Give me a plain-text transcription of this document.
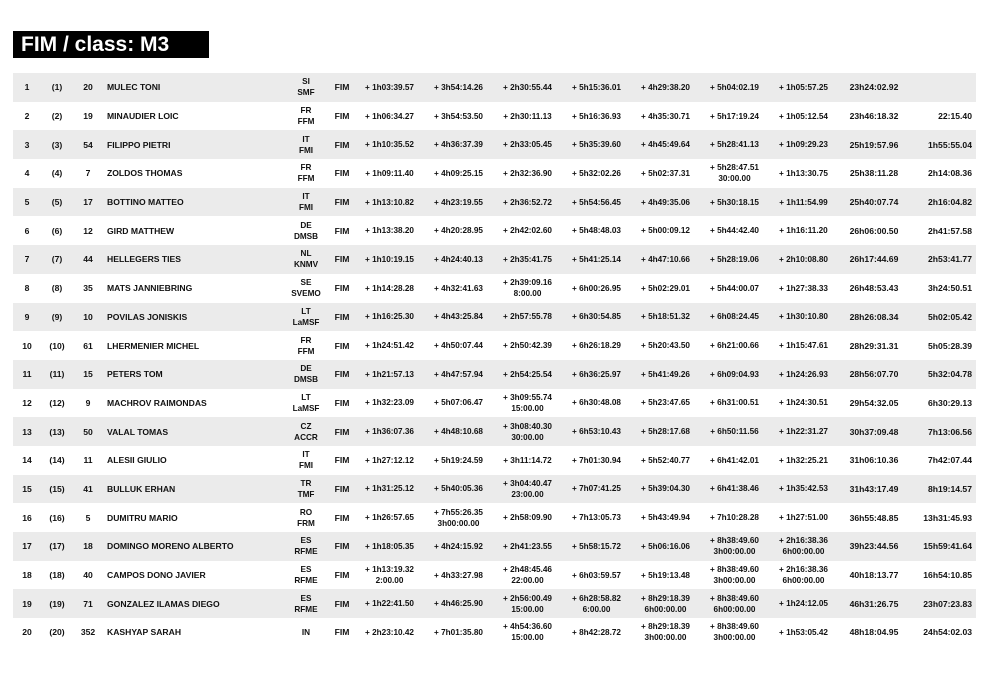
FIM / class: M3
1	(1)	20	MULEC TONI	SI
SMF	FIM	+ 1h03:39.57	+ 3h54:14.26	+ 2h30:55.44	+ 5h15:36.01	+ 4h29:38.20	+ 5h04:02.19	+ 1h05:57.25	23h24:02.92	
2	(2)	19	MINAUDIER LOIC	FR
FFM	FIM	+ 1h06:34.27	+ 3h54:53.50	+ 2h30:11.13	+ 5h16:36.93	+ 4h35:30.71	+ 5h17:19.24	+ 1h05:12.54	23h46:18.32	22:15.40
3	(3)	54	FILIPPO PIETRI	IT
FMI	FIM	+ 1h10:35.52	+ 4h36:37.39	+ 2h33:05.45	+ 5h35:39.60	+ 4h45:49.64	+ 5h28:41.13	+ 1h09:29.23	25h19:57.96	1h55:55.04
4	(4)	7	ZOLDOS THOMAS	FR
FFM	FIM	+ 1h09:11.40	+ 4h09:25.15	+ 2h32:36.90	+ 5h32:02.26	+ 5h02:37.31	+ 5h28:47.51
30:00.00	+ 1h13:30.75	25h38:11.28	2h14:08.36
5	(5)	17	BOTTINO MATTEO	IT
FMI	FIM	+ 1h13:10.82	+ 4h23:19.55	+ 2h36:52.72	+ 5h54:56.45	+ 4h49:35.06	+ 5h30:18.15	+ 1h11:54.99	25h40:07.74	2h16:04.82
6	(6)	12	GIRD MATTHEW	DE
DMSB	FIM	+ 1h13:38.20	+ 4h20:28.95	+ 2h42:02.60	+ 5h48:48.03	+ 5h00:09.12	+ 5h44:42.40	+ 1h16:11.20	26h06:00.50	2h41:57.58
7	(7)	44	HELLEGERS TIES	NL
KNMV	FIM	+ 1h10:19.15	+ 4h24:40.13	+ 2h35:41.75	+ 5h41:25.14	+ 4h47:10.66	+ 5h28:19.06	+ 2h10:08.80	26h17:44.69	2h53:41.77
8	(8)	35	MATS JANNIEBRING	SE
SVEMO	FIM	+ 1h14:28.28	+ 4h32:41.63	+ 2h39:09.16
8:00.00	+ 6h00:26.95	+ 5h02:29.01	+ 5h44:00.07	+ 1h27:38.33	26h48:53.43	3h24:50.51
9	(9)	10	POVILAS JONISKIS	LT
LaMSF	FIM	+ 1h16:25.30	+ 4h43:25.84	+ 2h57:55.78	+ 6h30:54.85	+ 5h18:51.32	+ 6h08:24.45	+ 1h30:10.80	28h26:08.34	5h02:05.42
10	(10)	61	LHERMENIER MICHEL	FR
FFM	FIM	+ 1h24:51.42	+ 4h50:07.44	+ 2h50:42.39	+ 6h26:18.29	+ 5h20:43.50	+ 6h21:00.66	+ 1h15:47.61	28h29:31.31	5h05:28.39
11	(11)	15	PETERS TOM	DE
DMSB	FIM	+ 1h21:57.13	+ 4h47:57.94	+ 2h54:25.54	+ 6h36:25.97	+ 5h41:49.26	+ 6h09:04.93	+ 1h24:26.93	28h56:07.70	5h32:04.78
12	(12)	9	MACHROV RAIMONDAS	LT
LaMSF	FIM	+ 1h32:23.09	+ 5h07:06.47	+ 3h09:55.74
15:00.00	+ 6h30:48.08	+ 5h23:47.65	+ 6h31:00.51	+ 1h24:30.51	29h54:32.05	6h30:29.13
13	(13)	50	VALAL TOMAS	CZ
ACCR	FIM	+ 1h36:07.36	+ 4h48:10.68	+ 3h08:40.30
30:00.00	+ 6h53:10.43	+ 5h28:17.68	+ 6h50:11.56	+ 1h22:31.27	30h37:09.48	7h13:06.56
14	(14)	11	ALESII GIULIO	IT
FMI	FIM	+ 1h27:12.12	+ 5h19:24.59	+ 3h11:14.72	+ 7h01:30.94	+ 5h52:40.77	+ 6h41:42.01	+ 1h32:25.21	31h06:10.36	7h42:07.44
15	(15)	41	BULLUK ERHAN	TR
TMF	FIM	+ 1h31:25.12	+ 5h40:05.36	+ 3h04:40.47
23:00.00	+ 7h07:41.25	+ 5h39:04.30	+ 6h41:38.46	+ 1h35:42.53	31h43:17.49	8h19:14.57
16	(16)	5	DUMITRU MARIO	RO
FRM	FIM	+ 1h26:57.65	+ 7h55:26.35
3h00:00.00	+ 2h58:09.90	+ 7h13:05.73	+ 5h43:49.94	+ 7h10:28.28	+ 1h27:51.00	36h55:48.85	13h31:45.93
17	(17)	18	DOMINGO MORENO ALBERTO	ES
RFME	FIM	+ 1h18:05.35	+ 4h24:15.92	+ 2h41:23.55	+ 5h58:15.72	+ 5h06:16.06	+ 8h38:49.60
3h00:00.00	+ 2h16:38.36
6h00:00.00	39h23:44.56	15h59:41.64
18	(18)	40	CAMPOS DONO JAVIER	ES
RFME	FIM	+ 1h13:19.32
2:00.00	+ 4h33:27.98	+ 2h48:45.46
22:00.00	+ 6h03:59.57	+ 5h19:13.48	+ 8h38:49.60
3h00:00.00	+ 2h16:38.36
6h00:00.00	40h18:13.77	16h54:10.85
19	(19)	71	GONZALEZ ILAMAS DIEGO	ES
RFME	FIM	+ 1h22:41.50	+ 4h46:25.90	+ 2h56:00.49
15:00.00	+ 6h28:58.82
6:00.00	+ 8h29:18.39
6h00:00.00	+ 8h38:49.60
6h00:00.00	+ 1h24:12.05	46h31:26.75	23h07:23.83
20	(20)	352	KASHYAP SARAH	IN	FIM	+ 2h23:10.42	+ 7h01:35.80	+ 4h54:36.60
15:00.00	+ 8h42:28.72	+ 8h29:18.39
3h00:00.00	+ 8h38:49.60
3h00:00.00	+ 1h53:05.42	48h18:04.95	24h54:02.03
